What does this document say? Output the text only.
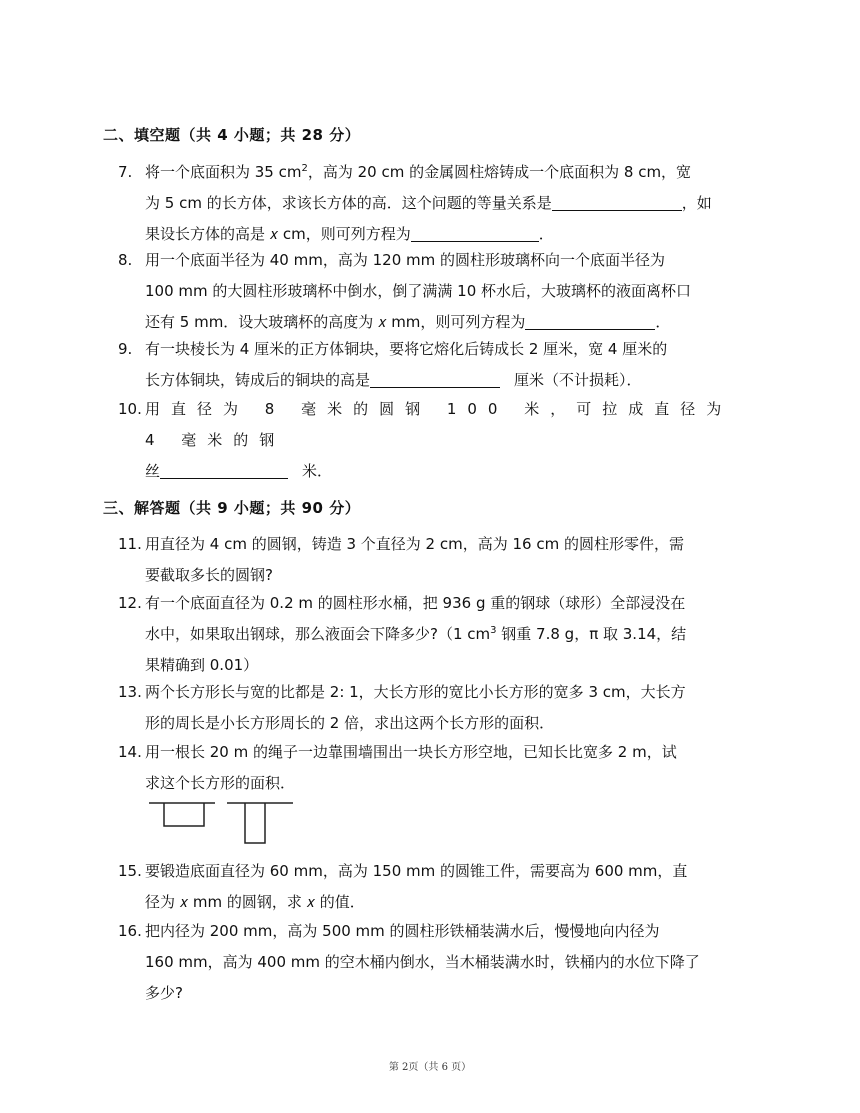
二、填空题（共 4 小题；共 28 分）
7. 将一个底面积为 35 $cm^2$，高为 20 cm 的金属圆柱熔铸成一个底面积为 8 cm，宽
为 5 cm 的长方体，求该长方体的高．这个问题的等量关系是	，如
果设长方体的高是 𝑥 cm，则可列方程为	．
8. 用一个底面半径为 40 mm，高为 120 mm 的圆柱形玻璃杯向一个底面半径为
100 mm 的大圆柱形玻璃杯中倒水，倒了满满 10 杯水后，大玻璃杯的液面离杯口
还有 5 mm．设大玻璃杯的高度为 𝑥 mm，则可列方程为	．
9. 有一块棱长为 4 厘米的正方体铜块，要将它熔化后铸成长 2 厘米，宽 4 厘米的
长方体铜块，铸成后的铜块的高是	厘米（不计损耗）．
10. 用直径为 8 毫米的圆钢 100 米，可拉成直径为 4 毫米的钢
丝	米．
三、解答题（共 9 小题；共 90 分）
11. 用直径为 4 cm 的圆钢，铸造 3 个直径为 2 cm，高为 16 cm 的圆柱形零件，需
要截取多长的圆钢?
12. 有一个底面直径为 0.2 m 的圆柱形水桶，把 936 g 重的钢球（球形）全部浸没在
水中，如果取出钢球，那么液面会下降多少?（1 $cm^3$ 钢重 7.8 g，π 取 3.14，结
果精确到 0.01）
13. 两个长方形长与宽的比都是 2: 1，大长方形的宽比小长方形的宽多 3 cm，大长方
形的周长是小长方形周长的 2 倍，求出这两个长方形的面积．
14. 用一根长 20 m 的绳子一边靠围墙围出一块长方形空地，已知长比宽多 2 m，试
求这个长方形的面积．
15. 要锻造底面直径为 60 mm，高为 150 mm 的圆锥工件，需要高为 600 mm，直
径为 𝑥 mm 的圆钢，求 𝑥 的值．
16. 把内径为 200 mm，高为 500 mm 的圆柱形铁桶装满水后，慢慢地向内径为
160 mm，高为 400 mm 的空木桶内倒水，当木桶装满水时，铁桶内的水位下降了
多少?
第 2页（共 6 页）
